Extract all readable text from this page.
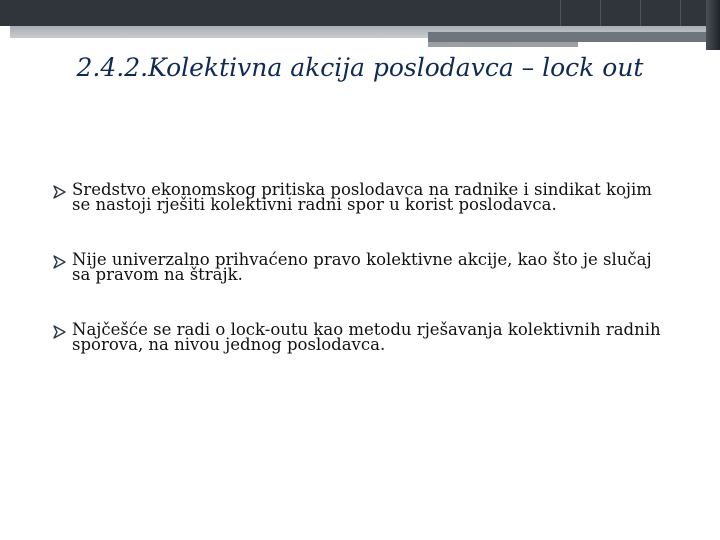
2.4.2.Kolektivna akcija poslodavca – lock out
Sredstvo ekonomskog pritiska poslodavca na radnike i sindikat kojim se nastoji rješiti kolektivni radni spor u korist poslodavca.
Nije univerzalno prihvaćeno pravo kolektivne akcije, kao što je slučaj sa pravom na štrajk.
Najčešće se radi o lock-outu kao metodu rješavanja kolektivnih radnih sporova, na nivou jednog poslodavca.
